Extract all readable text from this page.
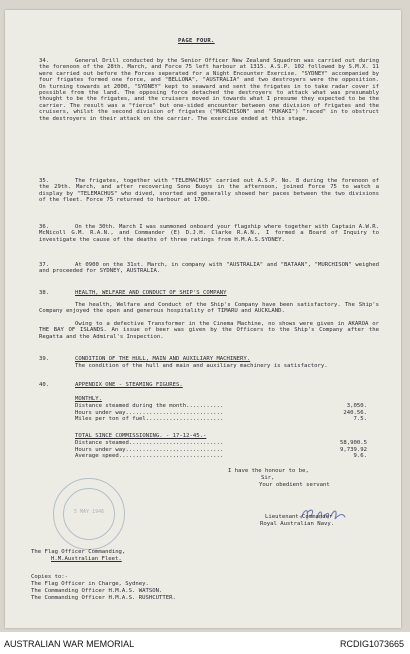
PAGE FOUR.
34.	General Drill conducted by the Senior Officer New Zealand Squadron was carried out during the forenoon of the 28th. March, and Force 75 left harbour at 1315. A.S.P. 102 followed by S.M.X. 11 were carried out before the Forces seperated for a Night Encounter Exercise. "SYDNEY" accompanied by four frigates formed one force, and "BELLONA", "AUSTRALIA" and two destroyers were the opposition. On turning towards at 2000, "SYDNEY" kept to seaward and sent the frigates in to take radar cover if possible from the land. The opposing force detached the destroyers to attack what was presumably thought to be the frigates, and the cruisers moved in towards what I presume they expected to be the carrier. The result was a "fierce" but one-sided encounter between one division of frigates and the cruisers, whilst the second division of frigates ("MURCHISON" and "PUKAKI") "raced" in to obstruct the destroyers in their attack on the carrier. The exercise ended at this stage.
35.	The frigates, together with "TELEMACHUS" carried out A.S.P. No. 8 during the forenoon of the 29th. March, and after recovering Sono Buoys in the afternoon, joined Force 75 to watch a display by "TELEMACHUS" who dived, snorted and generally showed her paces between the two divisions of the fleet. Force 75 returned to harbour at 1700.
36.	On the 30th. March I was summoned onboard your flagship where together with Captain A.W.R. McNicoll G.M. R.A.N., and Commander (E) D.J.H. Clarke R.A.N., I formed a Board of Inquiry to investigate the cause of the deaths of three ratings from H.M.A.S.SYDNEY.
37.	At 0900 on the 31st. March, in company with "AUSTRALIA" and "BATAAN", "MURCHISON" weighed and proceeded for SYDNEY, AUSTRALIA.
38.	HEALTH, WELFARE AND CONDUCT OF SHIP'S COMPANY
The health, Welfare and Conduct of the Ship's Company have been satisfactory. The Ship's Company enjoyed the open and generous hospitality of TIMARU and AUCKLAND.
Owing to a defective Transformer in the Cinema Machine, no shows were given in AKAROA or THE BAY OF ISLANDS. An issue of beer was given by the Officers to the Ship's Company after the Regatta and the Admiral's Inspection.
39.	CONDITION OF THE HULL, MAIN AND AUXILIARY MACHINERY.
The condition of the hull and main and auxiliary machinery is satisfactory.
40.	APPENDIX ONE - STEAMING FIGURES.
MONTHLY.
Distance steamed during the month...........	3,050.
Hours under way.............................	240.56.
Miles per ton of fuel.......................	7.5.
TOTAL SINCE COMMISSIONING. - 17-12-45.-
Distance steamed............................	58,900.5
Hours under way.............................	9,739.92
Average speed...............................	9.6.
I have the honour to be,
Sir,
Your obedient servant
Lieutenant-Commander
Royal Australian Navy.
5 MAY 1946
The Flag Officer Commanding,
H.M.Australian Fleet.
Copies to:-
The Flag Officer in Charge, Sydney.
The Commanding Officer H.M.A.S. WATSON.
The Commanding Officer H.M.A.S. RUSHCUTTER.
AUSTRALIAN WAR MEMORIAL	RCDIG1073665
